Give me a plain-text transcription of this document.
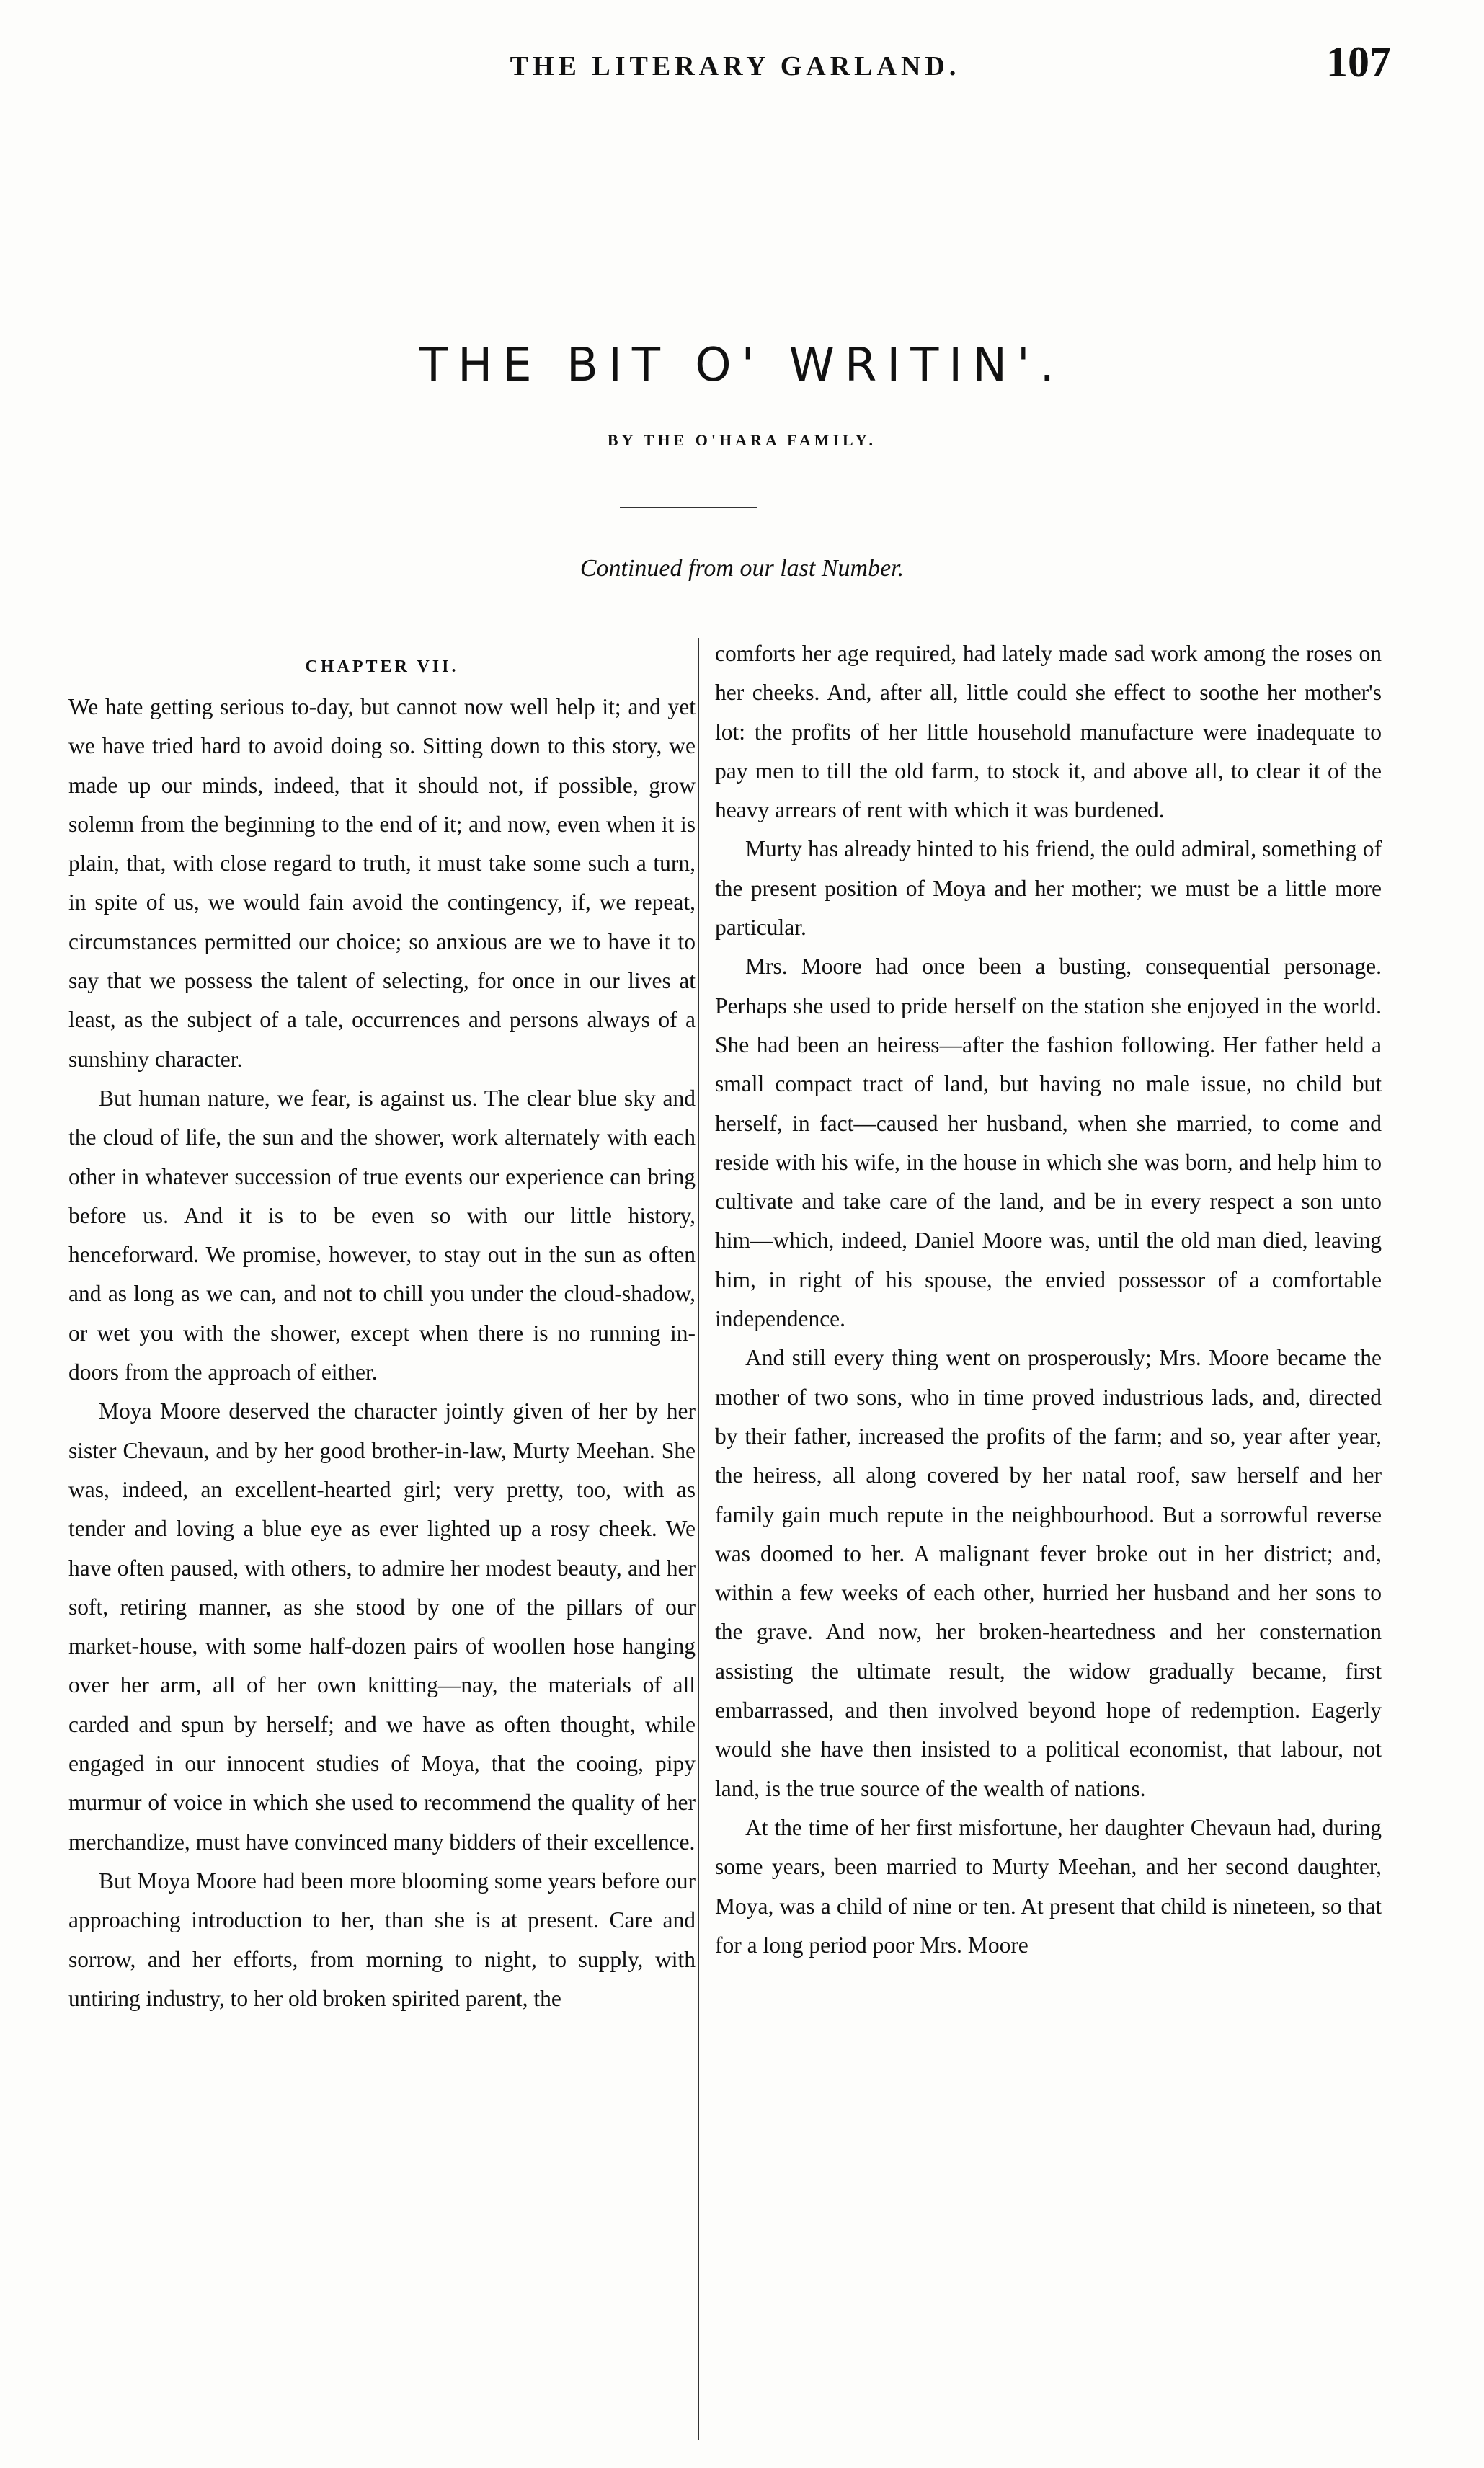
THE LITERARY GARLAND.	107
THE BIT O' WRITIN'.
BY THE O'HARA FAMILY.
Continued from our last Number.
CHAPTER VII.

We hate getting serious to-day, but cannot now well help it; and yet we have tried hard to avoid doing so. Sitting down to this story, we made up our minds, indeed, that it should not, if possible, grow solemn from the beginning to the end of it; and now, even when it is plain, that, with close regard to truth, it must take some such a turn, in spite of us, we would fain avoid the contingency, if, we repeat, circumstances permitted our choice; so anxious are we to have it to say that we possess the talent of selecting, for once in our lives at least, as the subject of a tale, occurrences and persons always of a sunshiny character.

But human nature, we fear, is against us. The clear blue sky and the cloud of life, the sun and the shower, work alternately with each other in whatever succession of true events our experience can bring before us. And it is to be even so with our little history, henceforward. We promise, however, to stay out in the sun as often and as long as we can, and not to chill you under the cloud-shadow, or wet you with the shower, except when there is no running in-doors from the approach of either.

Moya Moore deserved the character jointly given of her by her sister Chevaun, and by her good brother-in-law, Murty Meehan. She was, indeed, an excellent-hearted girl; very pretty, too, with as tender and loving a blue eye as ever lighted up a rosy cheek. We have often paused, with others, to admire her modest beauty, and her soft, retiring manner, as she stood by one of the pillars of our market-house, with some half-dozen pairs of woollen hose hanging over her arm, all of her own knitting—nay, the materials of all carded and spun by herself; and we have as often thought, while engaged in our innocent studies of Moya, that the cooing, pipy murmur of voice in which she used to recommend the quality of her merchandize, must have convinced many bidders of their excellence.

But Moya Moore had been more blooming some years before our approaching introduction to her, than she is at present. Care and sorrow, and her efforts, from morning to night, to supply, with untiring industry, to her old broken spirited parent, the

comforts her age required, had lately made sad work among the roses on her cheeks. And, after all, little could she effect to soothe her mother's lot: the profits of her little household manufacture were inadequate to pay men to till the old farm, to stock it, and above all, to clear it of the heavy arrears of rent with which it was burdened.

Murty has already hinted to his friend, the ould admiral, something of the present position of Moya and her mother; we must be a little more particular.

Mrs. Moore had once been a busting, consequential personage. Perhaps she used to pride herself on the station she enjoyed in the world. She had been an heiress—after the fashion following. Her father held a small compact tract of land, but having no male issue, no child but herself, in fact—caused her husband, when she married, to come and reside with his wife, in the house in which she was born, and help him to cultivate and take care of the land, and be in every respect a son unto him—which, indeed, Daniel Moore was, until the old man died, leaving him, in right of his spouse, the envied possessor of a comfortable independence.

And still every thing went on prosperously; Mrs. Moore became the mother of two sons, who in time proved industrious lads, and, directed by their father, increased the profits of the farm; and so, year after year, the heiress, all along covered by her natal roof, saw herself and her family gain much repute in the neighbourhood. But a sorrowful reverse was doomed to her. A malignant fever broke out in her district; and, within a few weeks of each other, hurried her husband and her sons to the grave. And now, her broken-heartedness and her consternation assisting the ultimate result, the widow gradually became, first embarrassed, and then involved beyond hope of redemption. Eagerly would she have then insisted to a political economist, that labour, not land, is the true source of the wealth of nations.

At the time of her first misfortune, her daughter Chevaun had, during some years, been married to Murty Meehan, and her second daughter, Moya, was a child of nine or ten. At present that child is nineteen, so that for a long period poor Mrs. Moore
